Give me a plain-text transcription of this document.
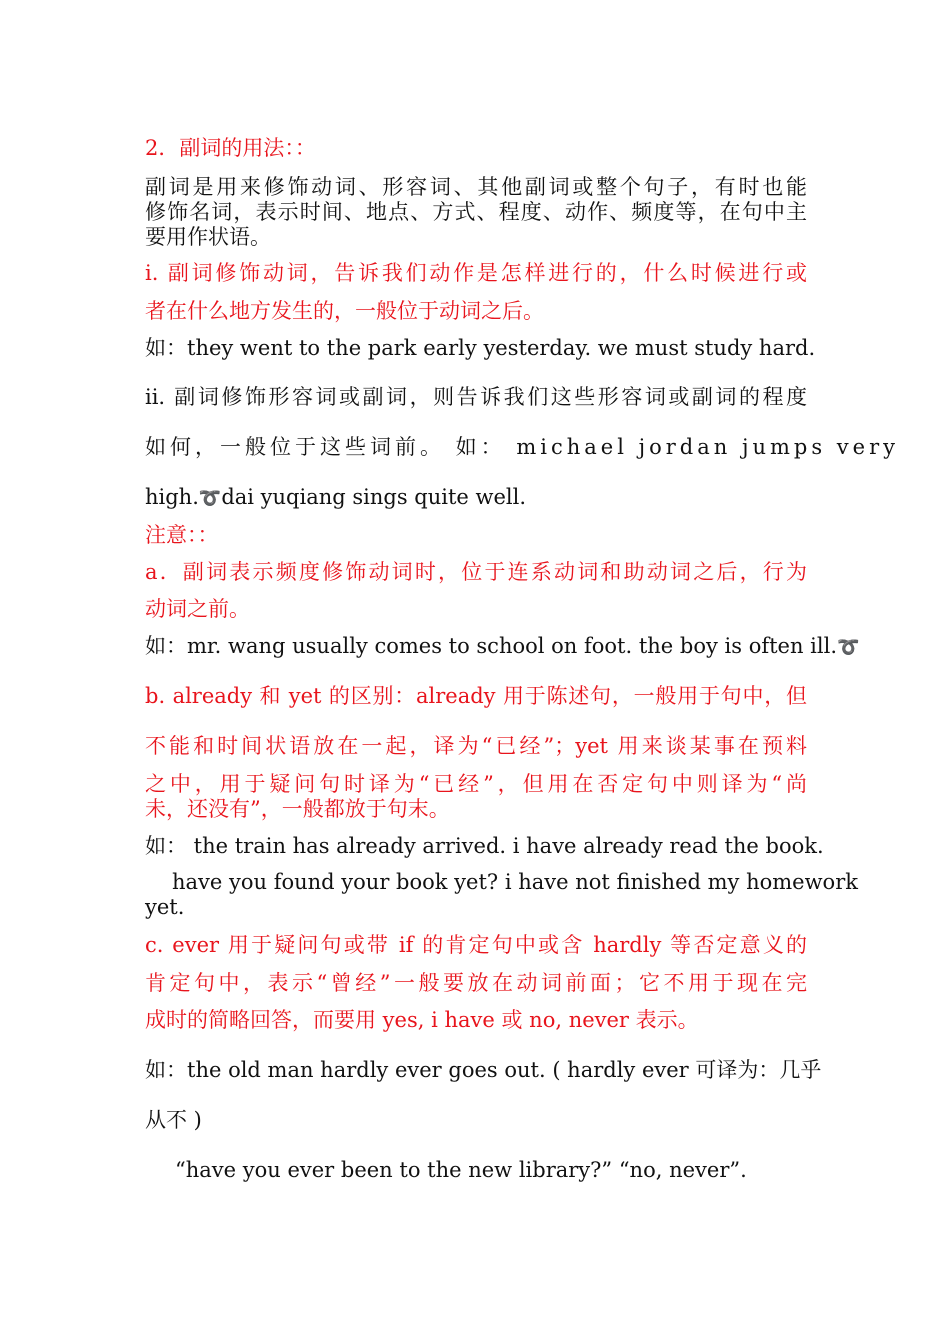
2．副词的用法：：
副词是用来修饰动词、形容词、其他副词或整个句子，有时也能
修饰名词，表示时间、地点、方式、程度、动作、频度等，在句中主
要用作状语。
i. 副词修饰动词，告诉我们动作是怎样进行的，什么时候进行或
者在什么地方发生的，一般位于动词之后。
如：they went to the park early yesterday. we must study hard.
ii. 副词修饰形容词或副词，则告诉我们这些形容词或副词的程度
如何，一般位于这些词前。 如： michael jordan jumps very
high.➰dai yuqiang sings quite well.
注意：：
a．副词表示频度修饰动词时，位于连系动词和助动词之后，行为
动词之前。
如：mr. wang usually comes to school on foot. the boy is often ill.➰
b. already 和 yet 的区别：already 用于陈述句，一般用于句中，但
不能和时间状语放在一起，译为“已经”；yet 用来谈某事在预料
之中，用于疑问句时译为“已经”，但用在否定句中则译为“尚
未，还没有”，一般都放于句末。
如： the train has already arrived. i have already read the book.
have you found your book yet? i have not finished my homework
yet.
c. ever 用于疑问句或带 if 的肯定句中或含 hardly 等否定意义的
肯定句中，表示“曾经”一般要放在动词前面；它不用于现在完
成时的简略回答，而要用 yes, i have 或 no, never 表示。
如：the old man hardly ever goes out. ( hardly ever 可译为：几乎
从不 )
“have you ever been to the new library?” “no, never”.
